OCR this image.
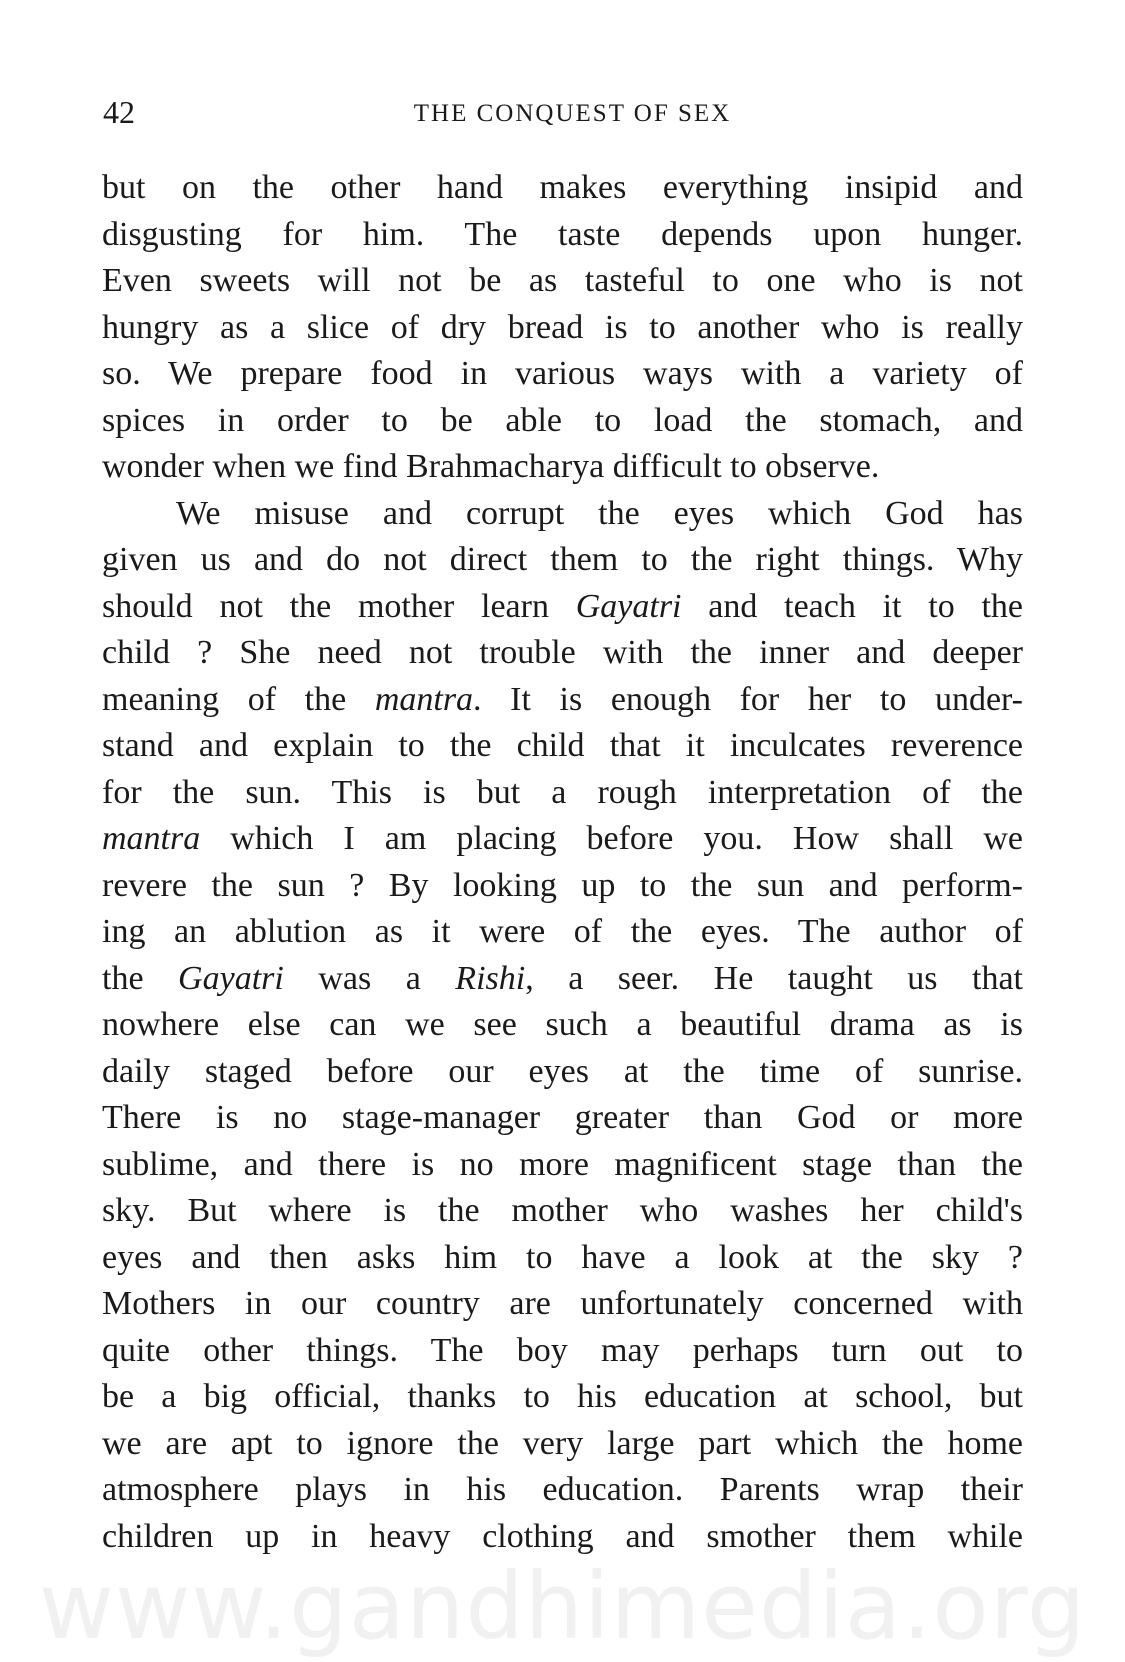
42	THE CONQUEST OF SEX
but on the other hand makes everything insipid and
disgusting for him. The taste depends upon hunger.
Even sweets will not be as tasteful to one who is not
hungry as a slice of dry bread is to another who is really
so. We prepare food in various ways with a variety of
spices in order to be able to load the stomach, and
wonder when we find Brahmacharya difficult to observe.
We misuse and corrupt the eyes which God has
given us and do not direct them to the right things. Why
should not the mother learn Gayatri and teach it to the
child ? She need not trouble with the inner and deeper
meaning of the mantra. It is enough for her to under-
stand and explain to the child that it inculcates reverence
for the sun. This is but a rough interpretation of the
mantra which I am placing before you. How shall we
revere the sun ? By looking up to the sun and perform-
ing an ablution as it were of the eyes. The author of
the Gayatri was a Rishi, a seer. He taught us that
nowhere else can we see such a beautiful drama as is
daily staged before our eyes at the time of sunrise.
There is no stage-manager greater than God or more
sublime, and there is no more magnificent stage than the
sky. But where is the mother who washes her child's
eyes and then asks him to have a look at the sky ?
Mothers in our country are unfortunately concerned with
quite other things. The boy may perhaps turn out to
be a big official, thanks to his education at school, but
we are apt to ignore the very large part which the home
atmosphere plays in his education. Parents wrap their
children up in heavy clothing and smother them while
www.gandhimedia.org
